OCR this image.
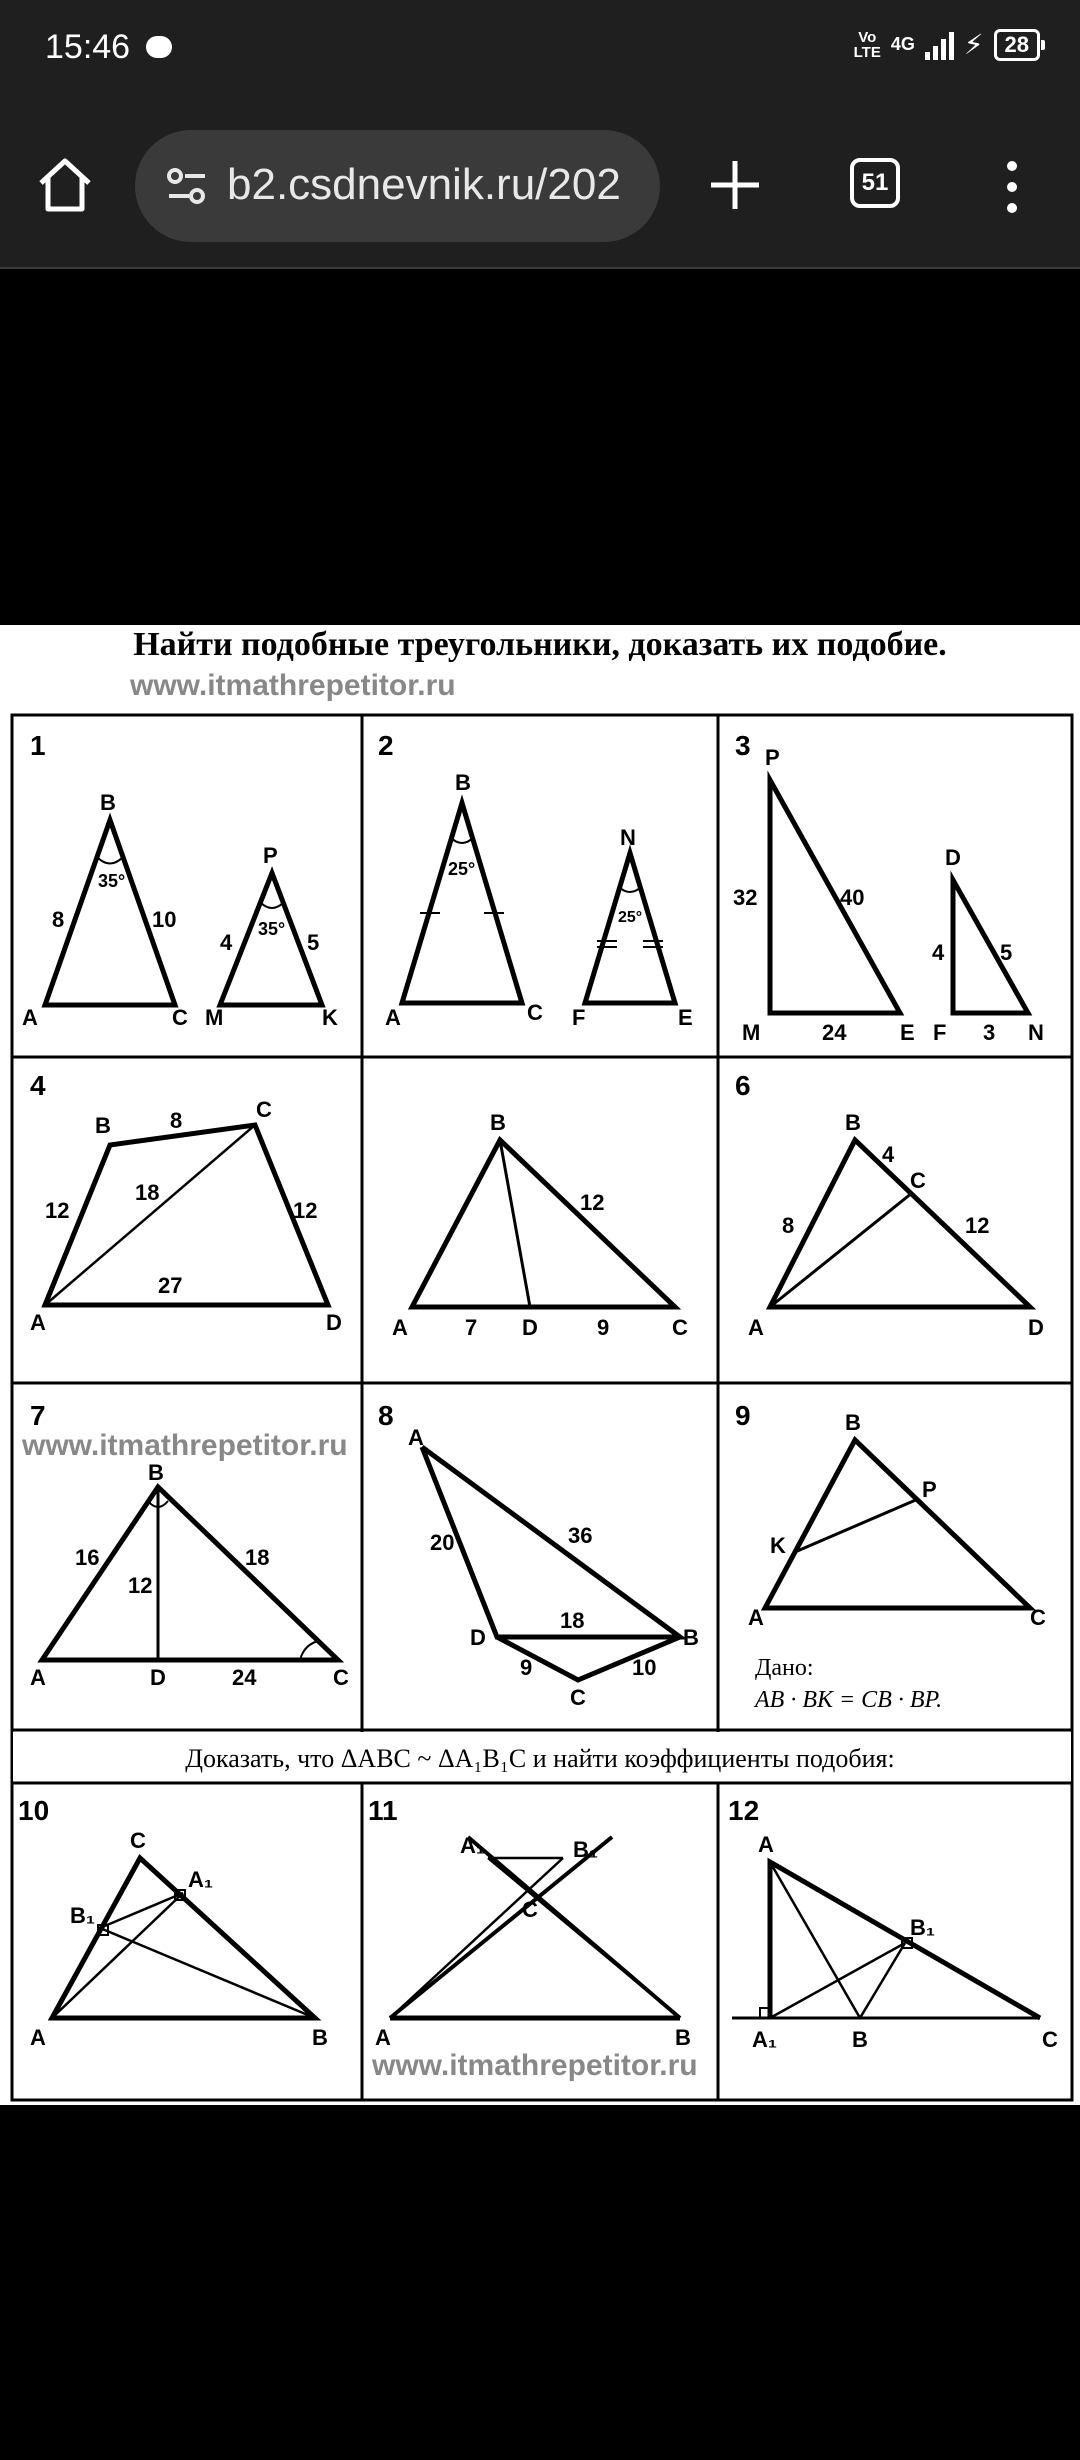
15:46	Vo
LTE 4G ⚡ 28
b2.csdnevnik.ru/202	51
Найти подобные треугольники, доказать их подобие.
www.itmathrepetitor.ru
Доказать, что ΔABC ~ ΔA₁B₁C и найти коэффициенты подобия:
1	2	3
4	6
7	8	9
10	11	12
B
A	C
P
M	K
8	10
35°
35°
4	5
B
A	C
N
F	E
25°
25°
P
M	E
D
F	N
32	40
24
4	5
3
B
C
A	D
12
8
18
12
27
B
A	D	C
7	9
12
B
C
A	D
4
8	12
B
A	D	C
16	18
12
24
www.itmathrepetitor.ru	A
D	B
C
20	36
18
9	10
B
A	C
K
P
Дано:
AB · BK = CB · BP.
C
A	B
B₁
A₁
A₁	B₁
C
A	B
A
A₁	B	C
B₁
www.itmathrepetitor.ru
